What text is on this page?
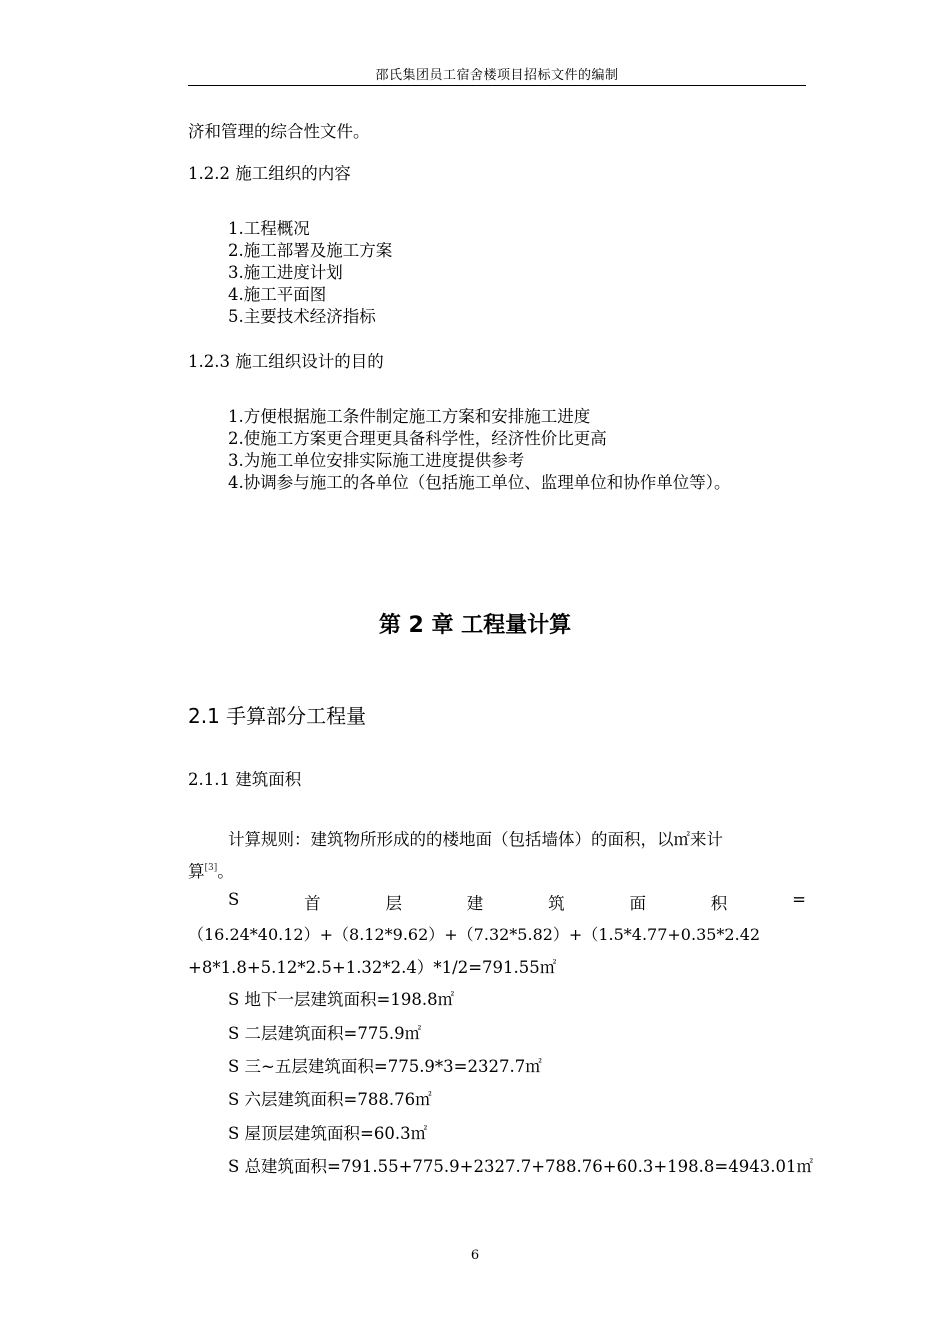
邵氏集团员工宿舍楼项目招标文件的编制
济和管理的综合性文件。
1.2.2 施工组织的内容
1.工程概况
2.施工部署及施工方案
3.施工进度计划
4.施工平面图
5.主要技术经济指标
1.2.3 施工组织设计的目的
1.方便根据施工条件制定施工方案和安排施工进度
2.使施工方案更合理更具备科学性，经济性价比更高
3.为施工单位安排实际施工进度提供参考
4.协调参与施工的各单位（包括施工单位、监理单位和协作单位等）。
第 2 章 工程量计算
2.1 手算部分工程量
2.1.1 建筑面积
计算规则：建筑物所形成的的楼地面（包括墙体）的面积，以㎡来计
算[3]。
S	首	层	建	筑	面	积	=
（16.24*40.12）+（8.12*9.62）+（7.32*5.82）+（1.5*4.77+0.35*2.42
+8*1.8+5.12*2.5+1.32*2.4）*1/2=791.55㎡
S 地下一层建筑面积=198.8㎡
S 二层建筑面积=775.9㎡
S 三~五层建筑面积=775.9*3=2327.7㎡
S 六层建筑面积=788.76㎡
S 屋顶层建筑面积=60.3㎡
S 总建筑面积=791.55+775.9+2327.7+788.76+60.3+198.8=4943.01㎡
6
